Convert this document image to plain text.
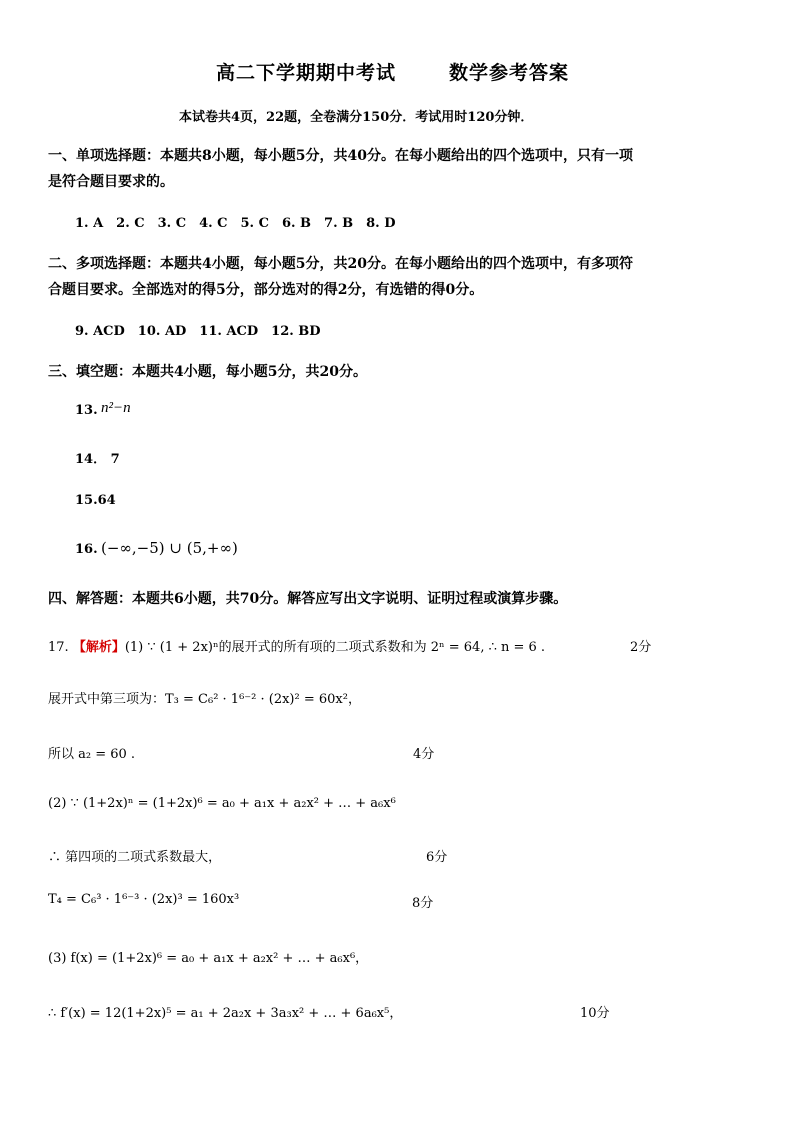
高二下学期期中考试	数学参考答案
本试卷共4页，22题，全卷满分150分．考试用时120分钟．
一、单项选择题：本题共8小题，每小题5分，共40分。在每小题给出的四个选项中，只有一项
是符合题目要求的。
1. A　2. C　3. C　4. C　5. C　6. B　7. B　8. D
二、多项选择题：本题共4小题，每小题5分，共20分。在每小题给出的四个选项中，有多项符
合题目要求。全部选对的得5分，部分选对的得2分，有选错的得0分。
9. ACD　10. AD　11. ACD　12. BD
三、填空题：本题共4小题，每小题5分，共20分。
13. n²−n
14． 7
15.64
16. (−∞,−5) ∪ (5,+∞)
四、解答题：本题共6小题，共70分。解答应写出文字说明、证明过程或演算步骤。
17. 【解析】(1) ∵ (1 + 2x)ⁿ的展开式的所有项的二项式系数和为 2ⁿ = 64, ∴ n = 6 .	2分
展开式中第三项为：T₃ = C₆² · 1⁶⁻² · (2x)² = 60x²，
所以 a₂ = 60 .	4分
(2) ∵ (1+2x)ⁿ = (1+2x)⁶ = a₀ + a₁x + a₂x² + … + a₆x⁶
∴ 第四项的二项式系数最大，	6分
T₄ = C₆³ · 1⁶⁻³ · (2x)³ = 160x³	8分
(3) f(x) = (1+2x)⁶ = a₀ + a₁x + a₂x² + … + a₆x⁶，
∴ f′(x) = 12(1+2x)⁵ = a₁ + 2a₂x + 3a₃x² + … + 6a₆x⁵，	10分
